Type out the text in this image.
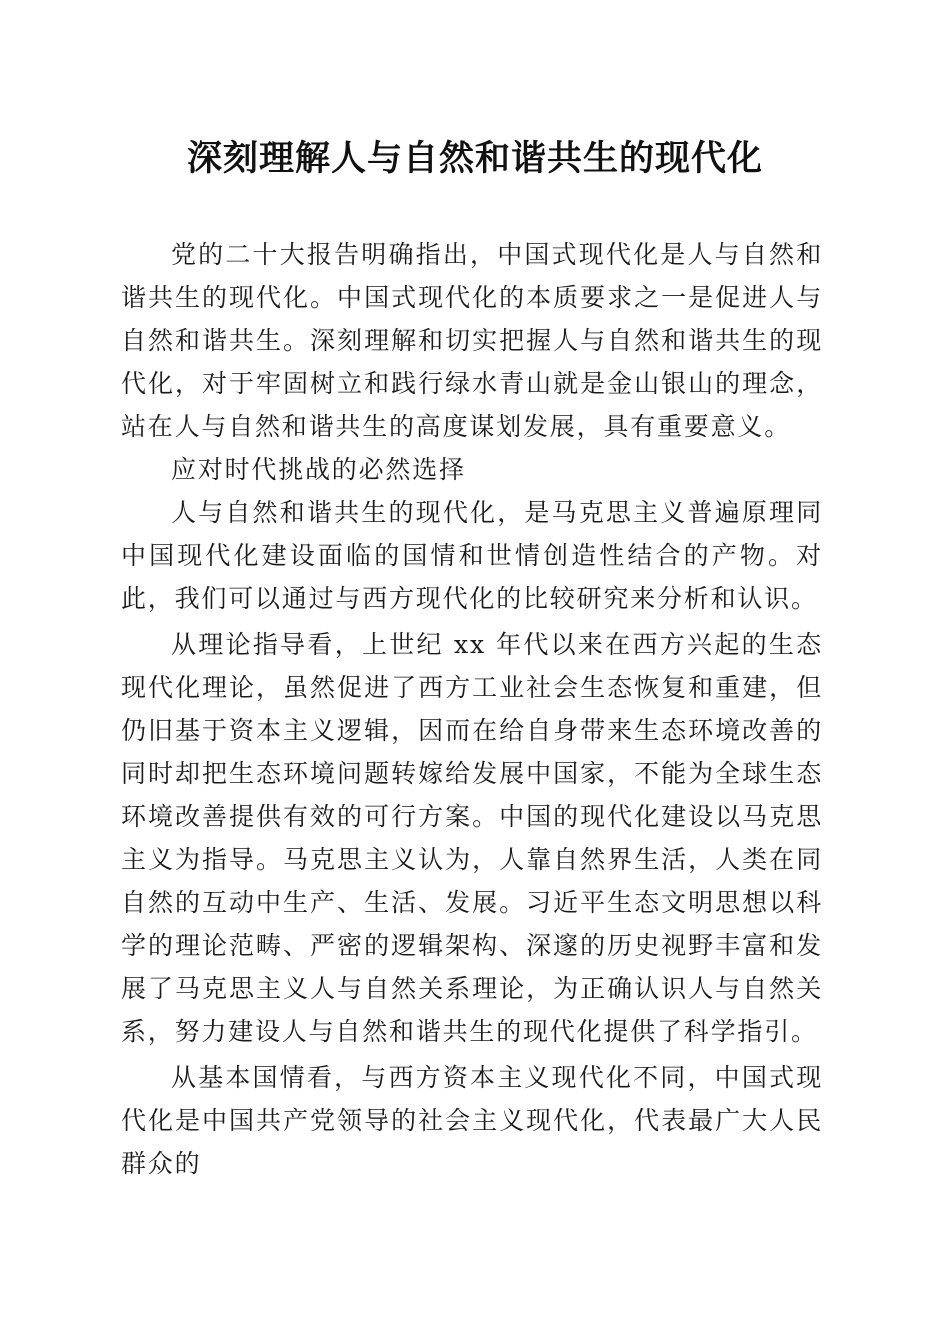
深刻理解人与自然和谐共生的现代化

党的二十大报告明确指出，中国式现代化是人与自然和谐共生的现代化。中国式现代化的本质要求之一是促进人与自然和谐共生。深刻理解和切实把握人与自然和谐共生的现代化，对于牢固树立和践行绿水青山就是金山银山的理念，站在人与自然和谐共生的高度谋划发展，具有重要意义。

应对时代挑战的必然选择

人与自然和谐共生的现代化，是马克思主义普遍原理同中国现代化建设面临的国情和世情创造性结合的产物。对此，我们可以通过与西方现代化的比较研究来分析和认识。

从理论指导看，上世纪 xx 年代以来在西方兴起的生态现代化理论，虽然促进了西方工业社会生态恢复和重建，但仍旧基于资本主义逻辑，因而在给自身带来生态环境改善的同时却把生态环境问题转嫁给发展中国家，不能为全球生态环境改善提供有效的可行方案。中国的现代化建设以马克思主义为指导。马克思主义认为，人靠自然界生活，人类在同自然的互动中生产、生活、发展。习近平生态文明思想以科学的理论范畴、严密的逻辑架构、深邃的历史视野丰富和发展了马克思主义人与自然关系理论，为正确认识人与自然关系，努力建设人与自然和谐共生的现代化提供了科学指引。

从基本国情看，与西方资本主义现代化不同，中国式现代化是中国共产党领导的社会主义现代化，代表最广大人民群众的
